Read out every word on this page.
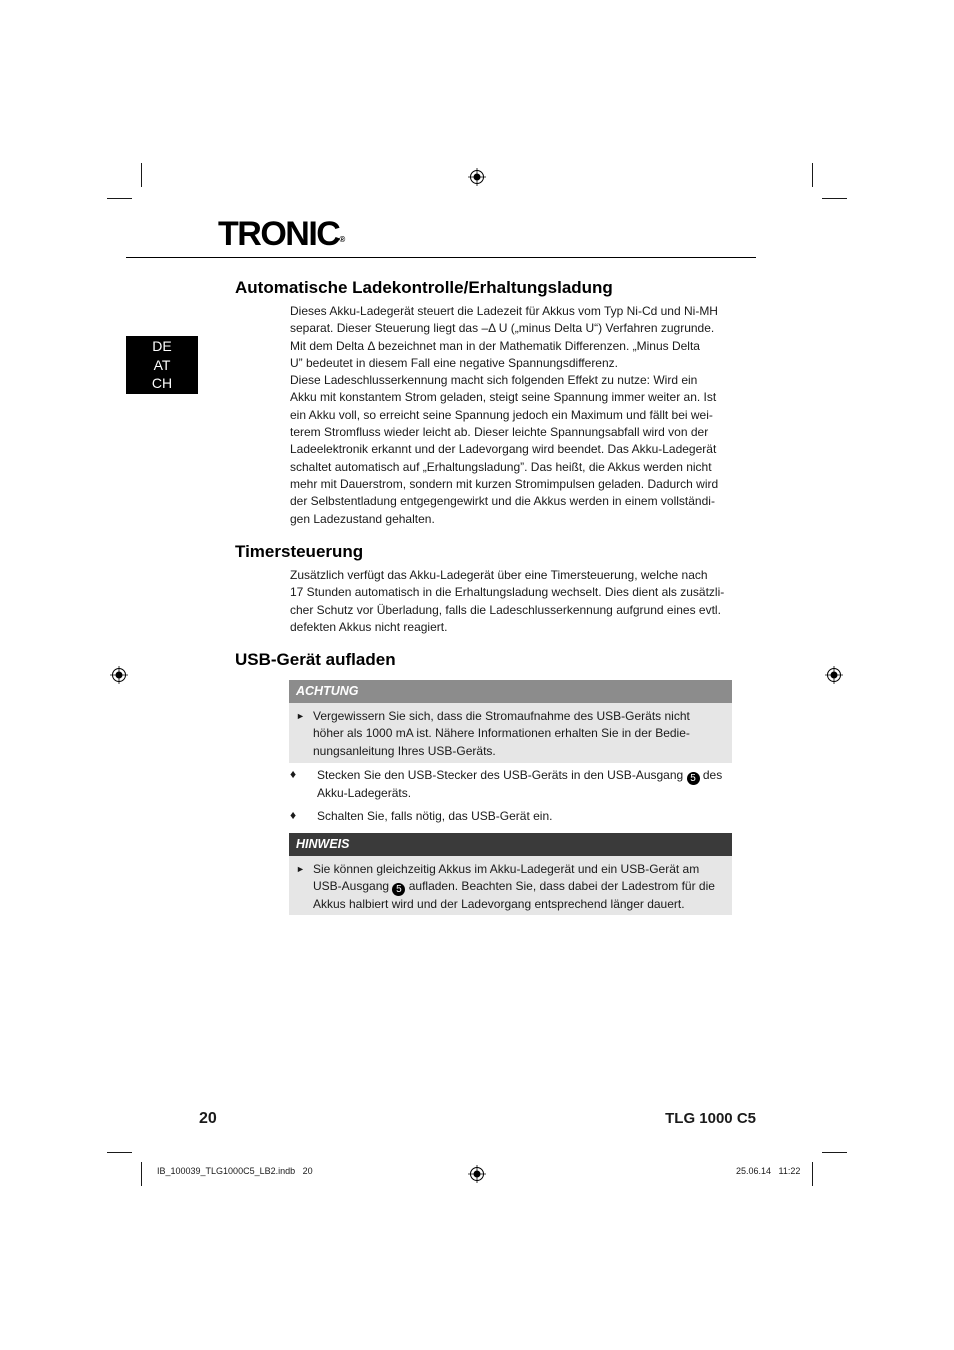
TRONIC®
DE
AT
CH
Automatische Ladekontrolle/Erhaltungsladung

Dieses Akku-Ladegerät steuert die Ladezeit für Akkus vom Typ Ni-Cd und Ni-MH

separat. Dieser Steuerung liegt das –Δ U („minus Delta U“) Verfahren zugrunde.

Mit dem Delta Δ bezeichnet man in der Mathematik Differenzen. „Minus Delta

U” bedeutet in diesem Fall eine negative Spannungsdifferenz.

Diese Ladeschlusserkennung macht sich folgenden Effekt zu nutze: Wird ein

Akku mit konstantem Strom geladen, steigt seine Spannung immer weiter an. Ist

ein Akku voll, so erreicht seine Spannung jedoch ein Maximum und fällt bei wei-

terem Stromfluss wieder leicht ab. Dieser leichte Spannungsabfall wird von der

Ladeelektronik erkannt und der Ladevorgang wird beendet. Das Akku-Ladegerät

schaltet automatisch auf „Erhaltungsladung”. Das heißt, die Akkus werden nicht

mehr mit Dauerstrom, sondern mit kurzen Stromimpulsen geladen. Dadurch wird

der Selbstentladung entgegengewirkt und die Akkus werden in einem vollständi-

gen Ladezustand gehalten.

Timersteuerung

Zusätzlich verfügt das Akku-Ladegerät über eine Timersteuerung, welche nach

17 Stunden automatisch in die Erhaltungsladung wechselt. Dies dient als zusätzli-

cher Schutz vor Überladung, falls die Ladeschlusserkennung aufgrund eines evtl.

defekten Akkus nicht reagiert.

USB-Gerät aufladen
ACHTUNG
► Vergewissern Sie sich, dass die Stromaufnahme des USB-Geräts nicht
höher als 1000 mA ist. Nähere Informationen erhalten Sie in der Bedie-
nungsanleitung Ihres USB-Geräts.
♦ Stecken Sie den USB-Stecker des USB-Geräts in den USB-Ausgang 5 des
Akku-Ladegeräts.
♦ Schalten Sie, falls nötig, das USB-Gerät ein.
HINWEIS
► Sie können gleichzeitig Akkus im Akku-Ladegerät und ein USB-Gerät am
USB-Ausgang 5 aufladen. Beachten Sie, dass dabei der Ladestrom für die
Akkus halbiert wird und der Ladevorgang entsprechend länger dauert.
20	TLG 1000 C5
IB_100039_TLG1000C5_LB2.indb   20	25.06.14   11:22
